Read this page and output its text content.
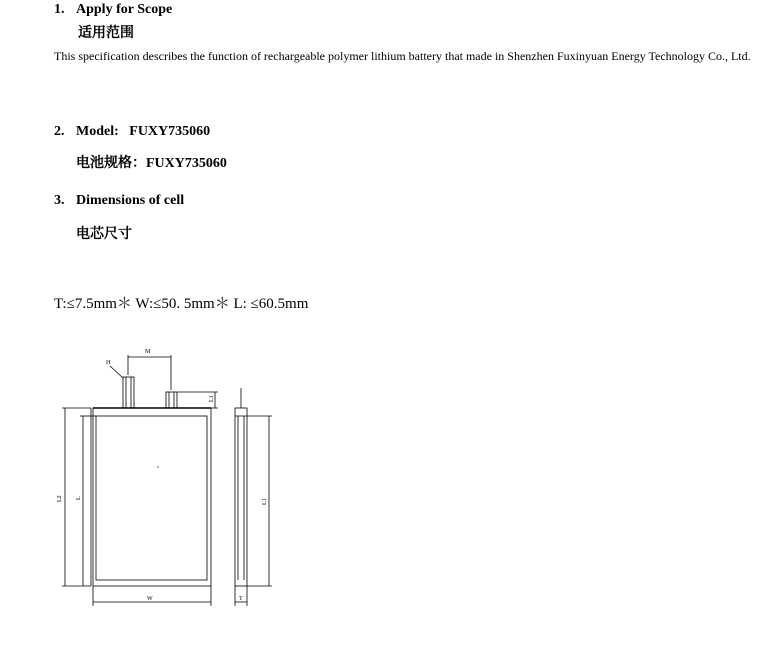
1. Apply for Scope
适用范围
This specification describes the function of rechargeable polymer lithium battery that made in Shenzhen Fuxinyuan Energy Technology Co., Ltd.
2. Model:   FUXY735060
电池规格：FUXY735060
3. Dimensions of cell
电芯尺寸
T:≤7.5mm＊ W:≤50. 5mm＊ L: ≤60.5mm
M
H
L1
L2 L
W
L1
T
